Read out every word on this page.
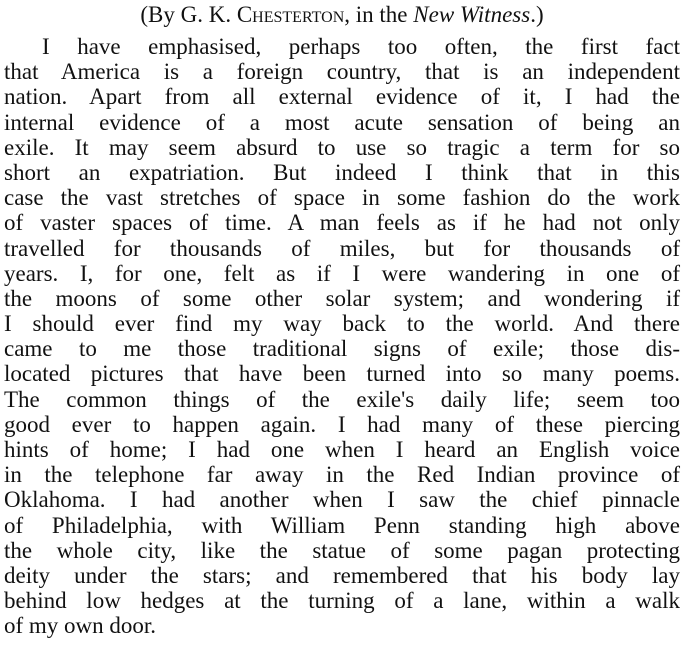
(By G. K. Chesterton, in the New Witness.)
I have emphasised, perhaps too often, the first fact
that America is a foreign country, that is an independent
nation. Apart from all external evidence of it, I had the
internal evidence of a most acute sensation of being an
exile. It may seem absurd to use so tragic a term for so
short an expatriation. But indeed I think that in this
case the vast stretches of space in some fashion do the work
of vaster spaces of time. A man feels as if he had not only
travelled for thousands of miles, but for thousands of
years. I, for one, felt as if I were wandering in one of
the moons of some other solar system; and wondering if
I should ever find my way back to the world. And there
came to me those traditional signs of exile; those dis-
located pictures that have been turned into so many poems.
The common things of the exile's daily life; seem too
good ever to happen again. I had many of these piercing
hints of home; I had one when I heard an English voice
in the telephone far away in the Red Indian province of
Oklahoma. I had another when I saw the chief pinnacle
of Philadelphia, with William Penn standing high above
the whole city, like the statue of some pagan protecting
deity under the stars; and remembered that his body lay
behind low hedges at the turning of a lane, within a walk
of my own door.
